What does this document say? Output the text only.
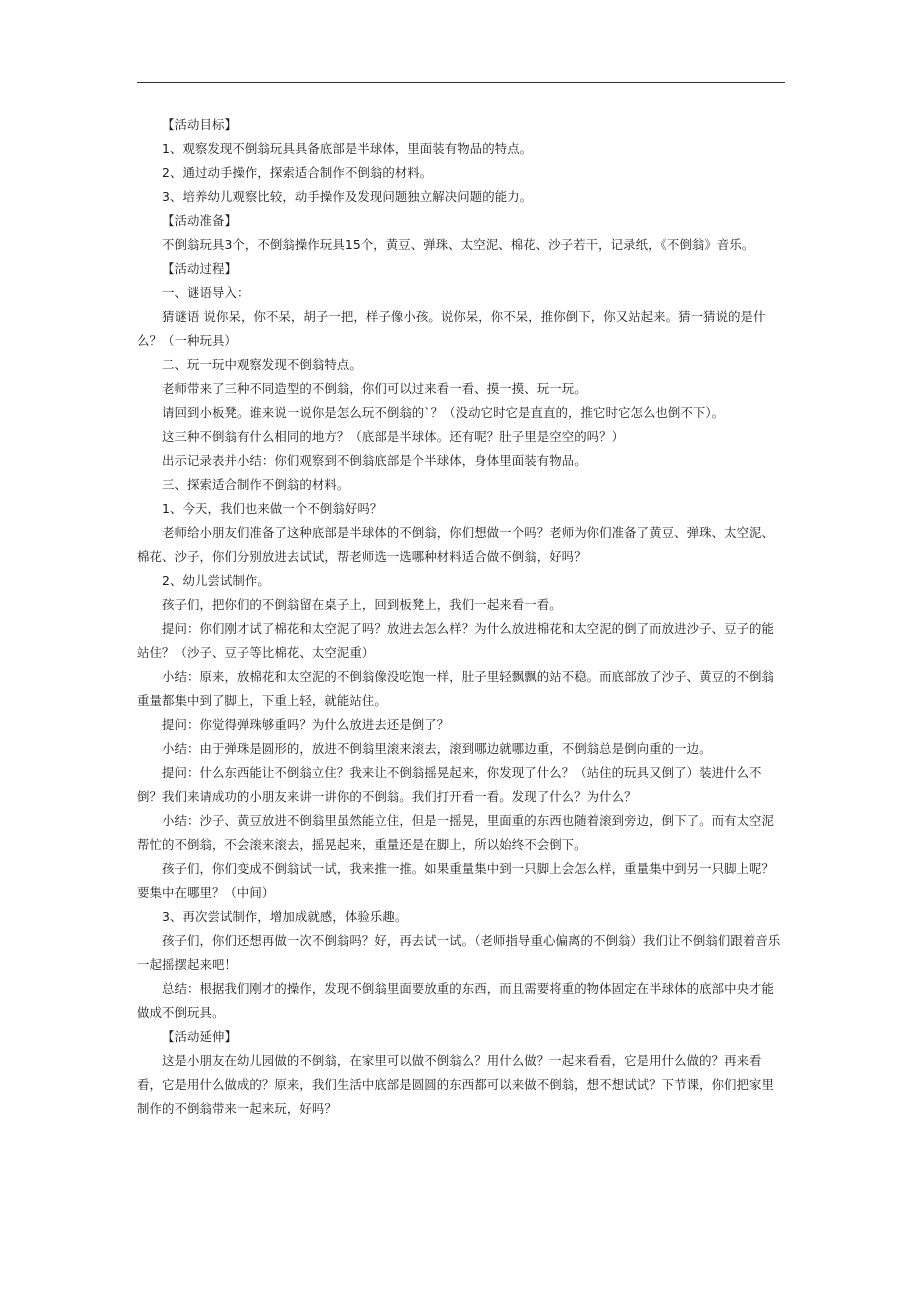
【活动目标】

1、观察发现不倒翁玩具具备底部是半球体，里面装有物品的特点。

2、通过动手操作，探索适合制作不倒翁的材料。

3、培养幼儿观察比较，动手操作及发现问题独立解决问题的能力。

【活动准备】

不倒翁玩具3个，不倒翁操作玩具15个，黄豆、弹珠、太空泥、棉花、沙子若干，记录纸，《不倒翁》音乐。

【活动过程】

一、谜语导入：

猜谜语 说你呆，你不呆，胡子一把，样子像小孩。说你呆，你不呆，推你倒下，你又站起来。猜一猜说的是什么？（一种玩具）

二、玩一玩中观察发现不倒翁特点。

老师带来了三种不同造型的不倒翁，你们可以过来看一看、摸一摸、玩一玩。

请回到小板凳。谁来说一说你是怎么玩不倒翁的`？（没动它时它是直直的，推它时它怎么也倒不下）。

这三种不倒翁有什么相同的地方？（底部是半球体。还有呢？肚子里是空空的吗？）

出示记录表并小结：你们观察到不倒翁底部是个半球体，身体里面装有物品。

三、探索适合制作不倒翁的材料。

1、今天，我们也来做一个不倒翁好吗？

老师给小朋友们准备了这种底部是半球体的不倒翁，你们想做一个吗？老师为你们准备了黄豆、弹珠、太空泥、棉花、沙子，你们分别放进去试试，帮老师选一选哪种材料适合做不倒翁，好吗？

2、幼儿尝试制作。

孩子们，把你们的不倒翁留在桌子上，回到板凳上，我们一起来看一看。

提问：你们刚才试了棉花和太空泥了吗？放进去怎么样？为什么放进棉花和太空泥的倒了而放进沙子、豆子的能站住？（沙子、豆子等比棉花、太空泥重）

小结：原来，放棉花和太空泥的不倒翁像没吃饱一样，肚子里轻飘飘的站不稳。而底部放了沙子、黄豆的不倒翁重量都集中到了脚上，下重上轻，就能站住。

提问：你觉得弹珠够重吗？为什么放进去还是倒了？

小结：由于弹珠是圆形的，放进不倒翁里滚来滚去，滚到哪边就哪边重，不倒翁总是倒向重的一边。

提问：什么东西能让不倒翁立住？我来让不倒翁摇晃起来，你发现了什么？（站住的玩具又倒了）装进什么不倒？我们来请成功的小朋友来讲一讲你的不倒翁。我们打开看一看。发现了什么？为什么？

小结：沙子、黄豆放进不倒翁里虽然能立住，但是一摇晃，里面重的东西也随着滚到旁边，倒下了。而有太空泥帮忙的不倒翁，不会滚来滚去，摇晃起来，重量还是在脚上，所以始终不会倒下。

孩子们，你们变成不倒翁试一试，我来推一推。如果重量集中到一只脚上会怎么样，重量集中到另一只脚上呢？要集中在哪里？（中间）

3、再次尝试制作，增加成就感，体验乐趣。

孩子们，你们还想再做一次不倒翁吗？好，再去试一试。（老师指导重心偏离的不倒翁）我们让不倒翁们跟着音乐一起摇摆起来吧！

总结：根据我们刚才的操作，发现不倒翁里面要放重的东西，而且需要将重的物体固定在半球体的底部中央才能做成不倒玩具。

【活动延伸】

这是小朋友在幼儿园做的不倒翁，在家里可以做不倒翁么？用什么做？一起来看看，它是用什么做的？再来看看，它是用什么做成的？原来，我们生活中底部是圆圆的东西都可以来做不倒翁，想不想试试？下节课，你们把家里制作的不倒翁带来一起来玩，好吗？
